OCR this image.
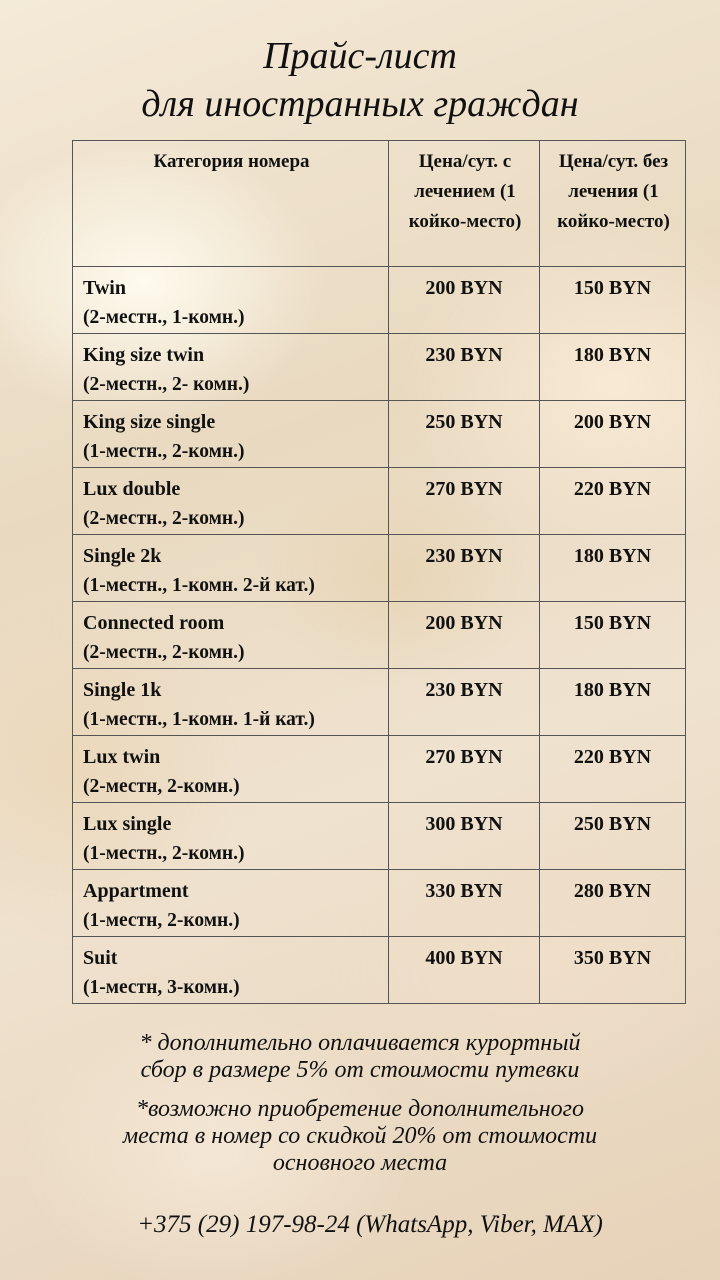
Прайс-лист
для иностранных граждан
Категория номера	Цена/сут. с лечением (1 койко-место)	Цена/сут. без лечения (1 койко-место)

Twin
(2-местн., 1-комн.)	200 BYN	150 BYN

King size twin
(2-местн., 2- комн.)	230 BYN	180 BYN

King size single
(1-местн., 2-комн.)	250 BYN	200 BYN

Lux double
(2-местн., 2-комн.)	270 BYN	220 BYN

Single 2k
(1-местн., 1-комн. 2-й кат.)	230 BYN	180 BYN

Connected room
(2-местн., 2-комн.)	200 BYN	150 BYN

Single 1k
(1-местн., 1-комн. 1-й кат.)	230 BYN	180 BYN

Lux twin
(2-местн, 2-комн.)	270 BYN	220 BYN

Lux single
(1-местн., 2-комн.)	300 BYN	250 BYN

Appartment
(1-местн, 2-комн.)	330 BYN	280 BYN

Suit
(1-местн, 3-комн.)	400 BYN	350 BYN
* дополнительно оплачивается курортный
сбор в размере 5% от стоимости путевки
*возможно приобретение дополнительного
места в номер со скидкой 20% от стоимости
основного места
+375 (29) 197-98-24 (WhatsApp, Viber, MAX)
